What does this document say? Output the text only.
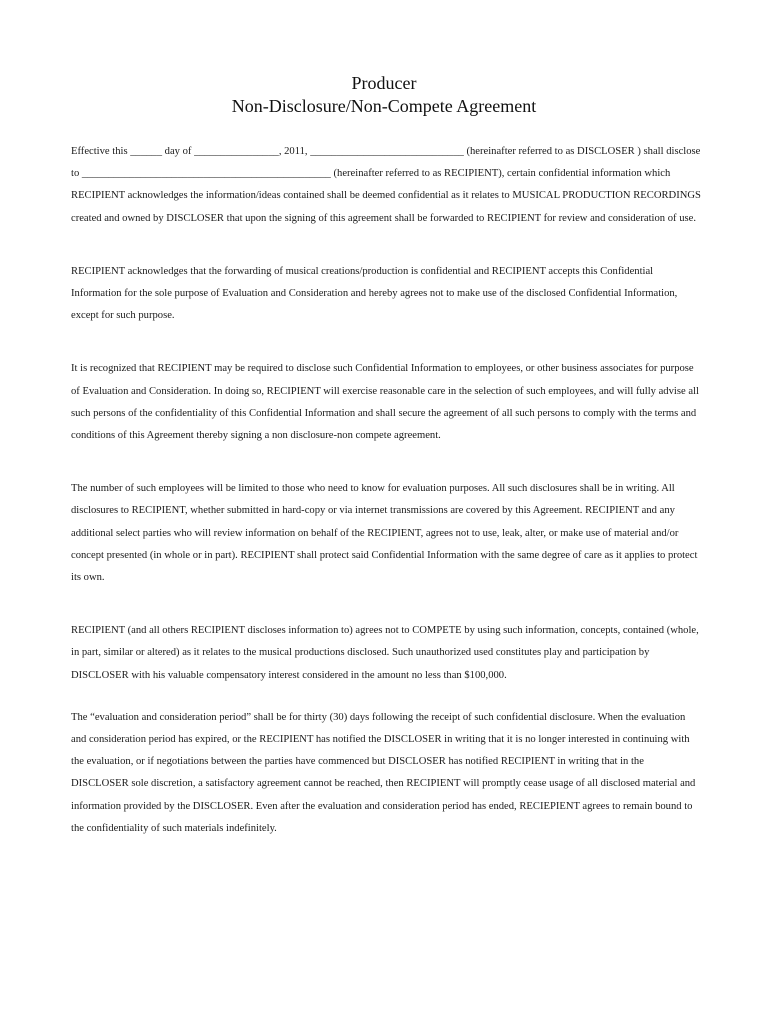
Producer

Non-Disclosure/Non-Compete Agreement

Effective this ______ day of ________________, 2011, _____________________________ (hereinafter referred to as DISCLOSER ) shall disclose to _______________________________________________ (hereinafter referred to as RECIPIENT), certain confidential information which RECIPIENT acknowledges the information/ideas contained shall be deemed confidential as it relates to MUSICAL PRODUCTION RECORDINGS created and owned by DISCLOSER that upon the signing of this agreement shall be forwarded to RECIPIENT for review and consideration of use.

RECIPIENT acknowledges that the forwarding of musical creations/production is confidential and RECIPIENT accepts this Confidential Information for the sole purpose of Evaluation and Consideration and hereby agrees not to make use of the disclosed Confidential Information, except for such purpose.

It is recognized that RECIPIENT may be required to disclose such Confidential Information to employees, or other business associates for purpose of Evaluation and Consideration. In doing so, RECIPIENT will exercise reasonable care in the selection of such employees, and will fully advise all such persons of the confidentiality of this Confidential Information and shall secure the agreement of all such persons to comply with the terms and conditions of this Agreement thereby signing a non disclosure-non compete agreement.

The number of such employees will be limited to those who need to know for evaluation purposes. All such disclosures shall be in writing. All disclosures to RECIPIENT, whether submitted in hard-copy or via internet transmissions are covered by this Agreement. RECIPIENT and any additional select parties who will review information on behalf of the RECIPIENT, agrees not to use, leak, alter, or make use of material and/or concept presented (in whole or in part). RECIPIENT shall protect said Confidential Information with the same degree of care as it applies to protect its own.

RECIPIENT (and all others RECIPIENT discloses information to) agrees not to COMPETE by using such information, concepts, contained (whole, in part, similar or altered) as it relates to the musical productions disclosed. Such unauthorized used constitutes play and participation by DISCLOSER with his valuable compensatory interest considered in the amount no less than $100,000.

The “evaluation and consideration period” shall be for thirty (30) days following the receipt of such confidential disclosure. When the evaluation and consideration period has expired, or the RECIPIENT has notified the DISCLOSER in writing that it is no longer interested in continuing with the evaluation, or if negotiations between the parties have commenced but DISCLOSER has notified RECIPIENT in writing that in the DISCLOSER sole discretion, a satisfactory agreement cannot be reached, then RECIPIENT will promptly cease usage of all disclosed material and information provided by the DISCLOSER. Even after the evaluation and consideration period has ended, RECIEPIENT agrees to remain bound to the confidentiality of such materials indefinitely.
